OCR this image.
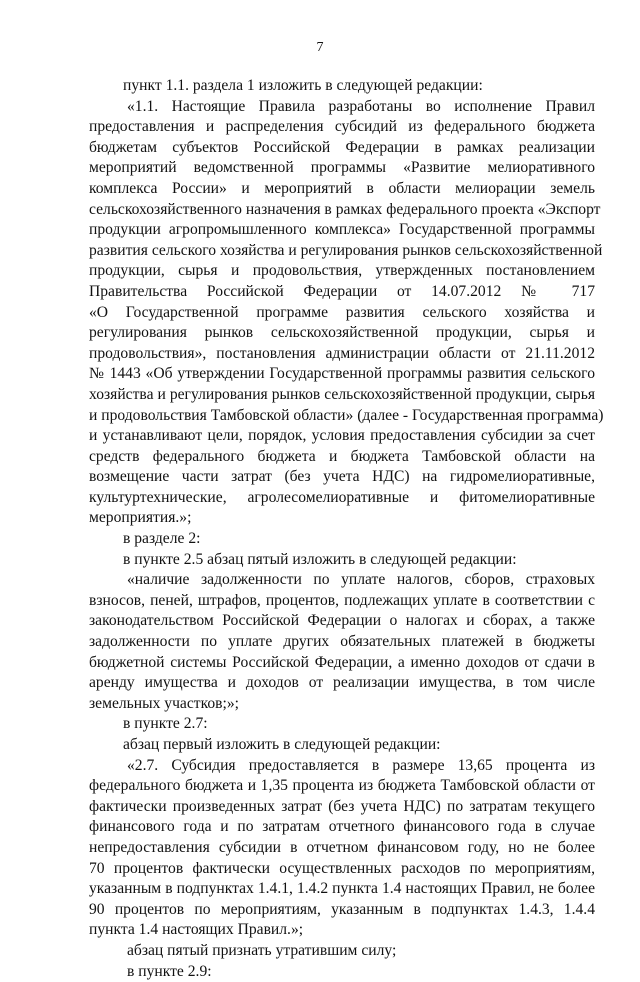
7
пункт 1.1. раздела 1 изложить в следующей редакции:
«1.1. Настоящие Правила разработаны во исполнение Правил
предоставления и распределения субсидий из федерального бюджета
бюджетам субъектов Российской Федерации в рамках реализации
мероприятий ведомственной программы «Развитие мелиоративного
комплекса России» и мероприятий в области мелиорации земель
сельскохозяйственного назначения в рамках федерального проекта «Экспорт
продукции агропромышленного комплекса» Государственной программы
развития сельского хозяйства и регулирования рынков сельскохозяйственной
продукции, сырья и продовольствия, утвержденных постановлением
Правительства Российской Федерации от 14.07.2012 № 717
«О Государственной программе развития сельского хозяйства и
регулирования рынков сельскохозяйственной продукции, сырья и
продовольствия», постановления администрации области от 21.11.2012
№ 1443 «Об утверждении Государственной программы развития сельского
хозяйства и регулирования рынков сельскохозяйственной продукции, сырья
и продовольствия Тамбовской области» (далее - Государственная программа)
и устанавливают цели, порядок, условия предоставления субсидии за счет
средств федерального бюджета и бюджета Тамбовской области на
возмещение части затрат (без учета НДС) на гидромелиоративные,
культуртехнические, агролесомелиоративные и фитомелиоративные
мероприятия.»;
в разделе 2:
в пункте 2.5 абзац пятый изложить в следующей редакции:
«наличие задолженности по уплате налогов, сборов, страховых
взносов, пеней, штрафов, процентов, подлежащих уплате в соответствии с
законодательством Российской Федерации о налогах и сборах, а также
задолженности по уплате других обязательных платежей в бюджеты
бюджетной системы Российской Федерации, а именно доходов от сдачи в
аренду имущества и доходов от реализации имущества, в том числе
земельных участков;»;
в пункте 2.7:
абзац первый изложить в следующей редакции:
«2.7. Субсидия предоставляется в размере 13,65 процента из
федерального бюджета и 1,35 процента из бюджета Тамбовской области от
фактически произведенных затрат (без учета НДС) по затратам текущего
финансового года и по затратам отчетного финансового года в случае
непредоставления субсидии в отчетном финансовом году, но не более
70 процентов фактически осуществленных расходов по мероприятиям,
указанным в подпунктах 1.4.1, 1.4.2 пункта 1.4 настоящих Правил, не более
90 процентов по мероприятиям, указанным в подпунктах 1.4.3, 1.4.4
пункта 1.4 настоящих Правил.»;
абзац пятый признать утратившим силу;
в пункте 2.9:
